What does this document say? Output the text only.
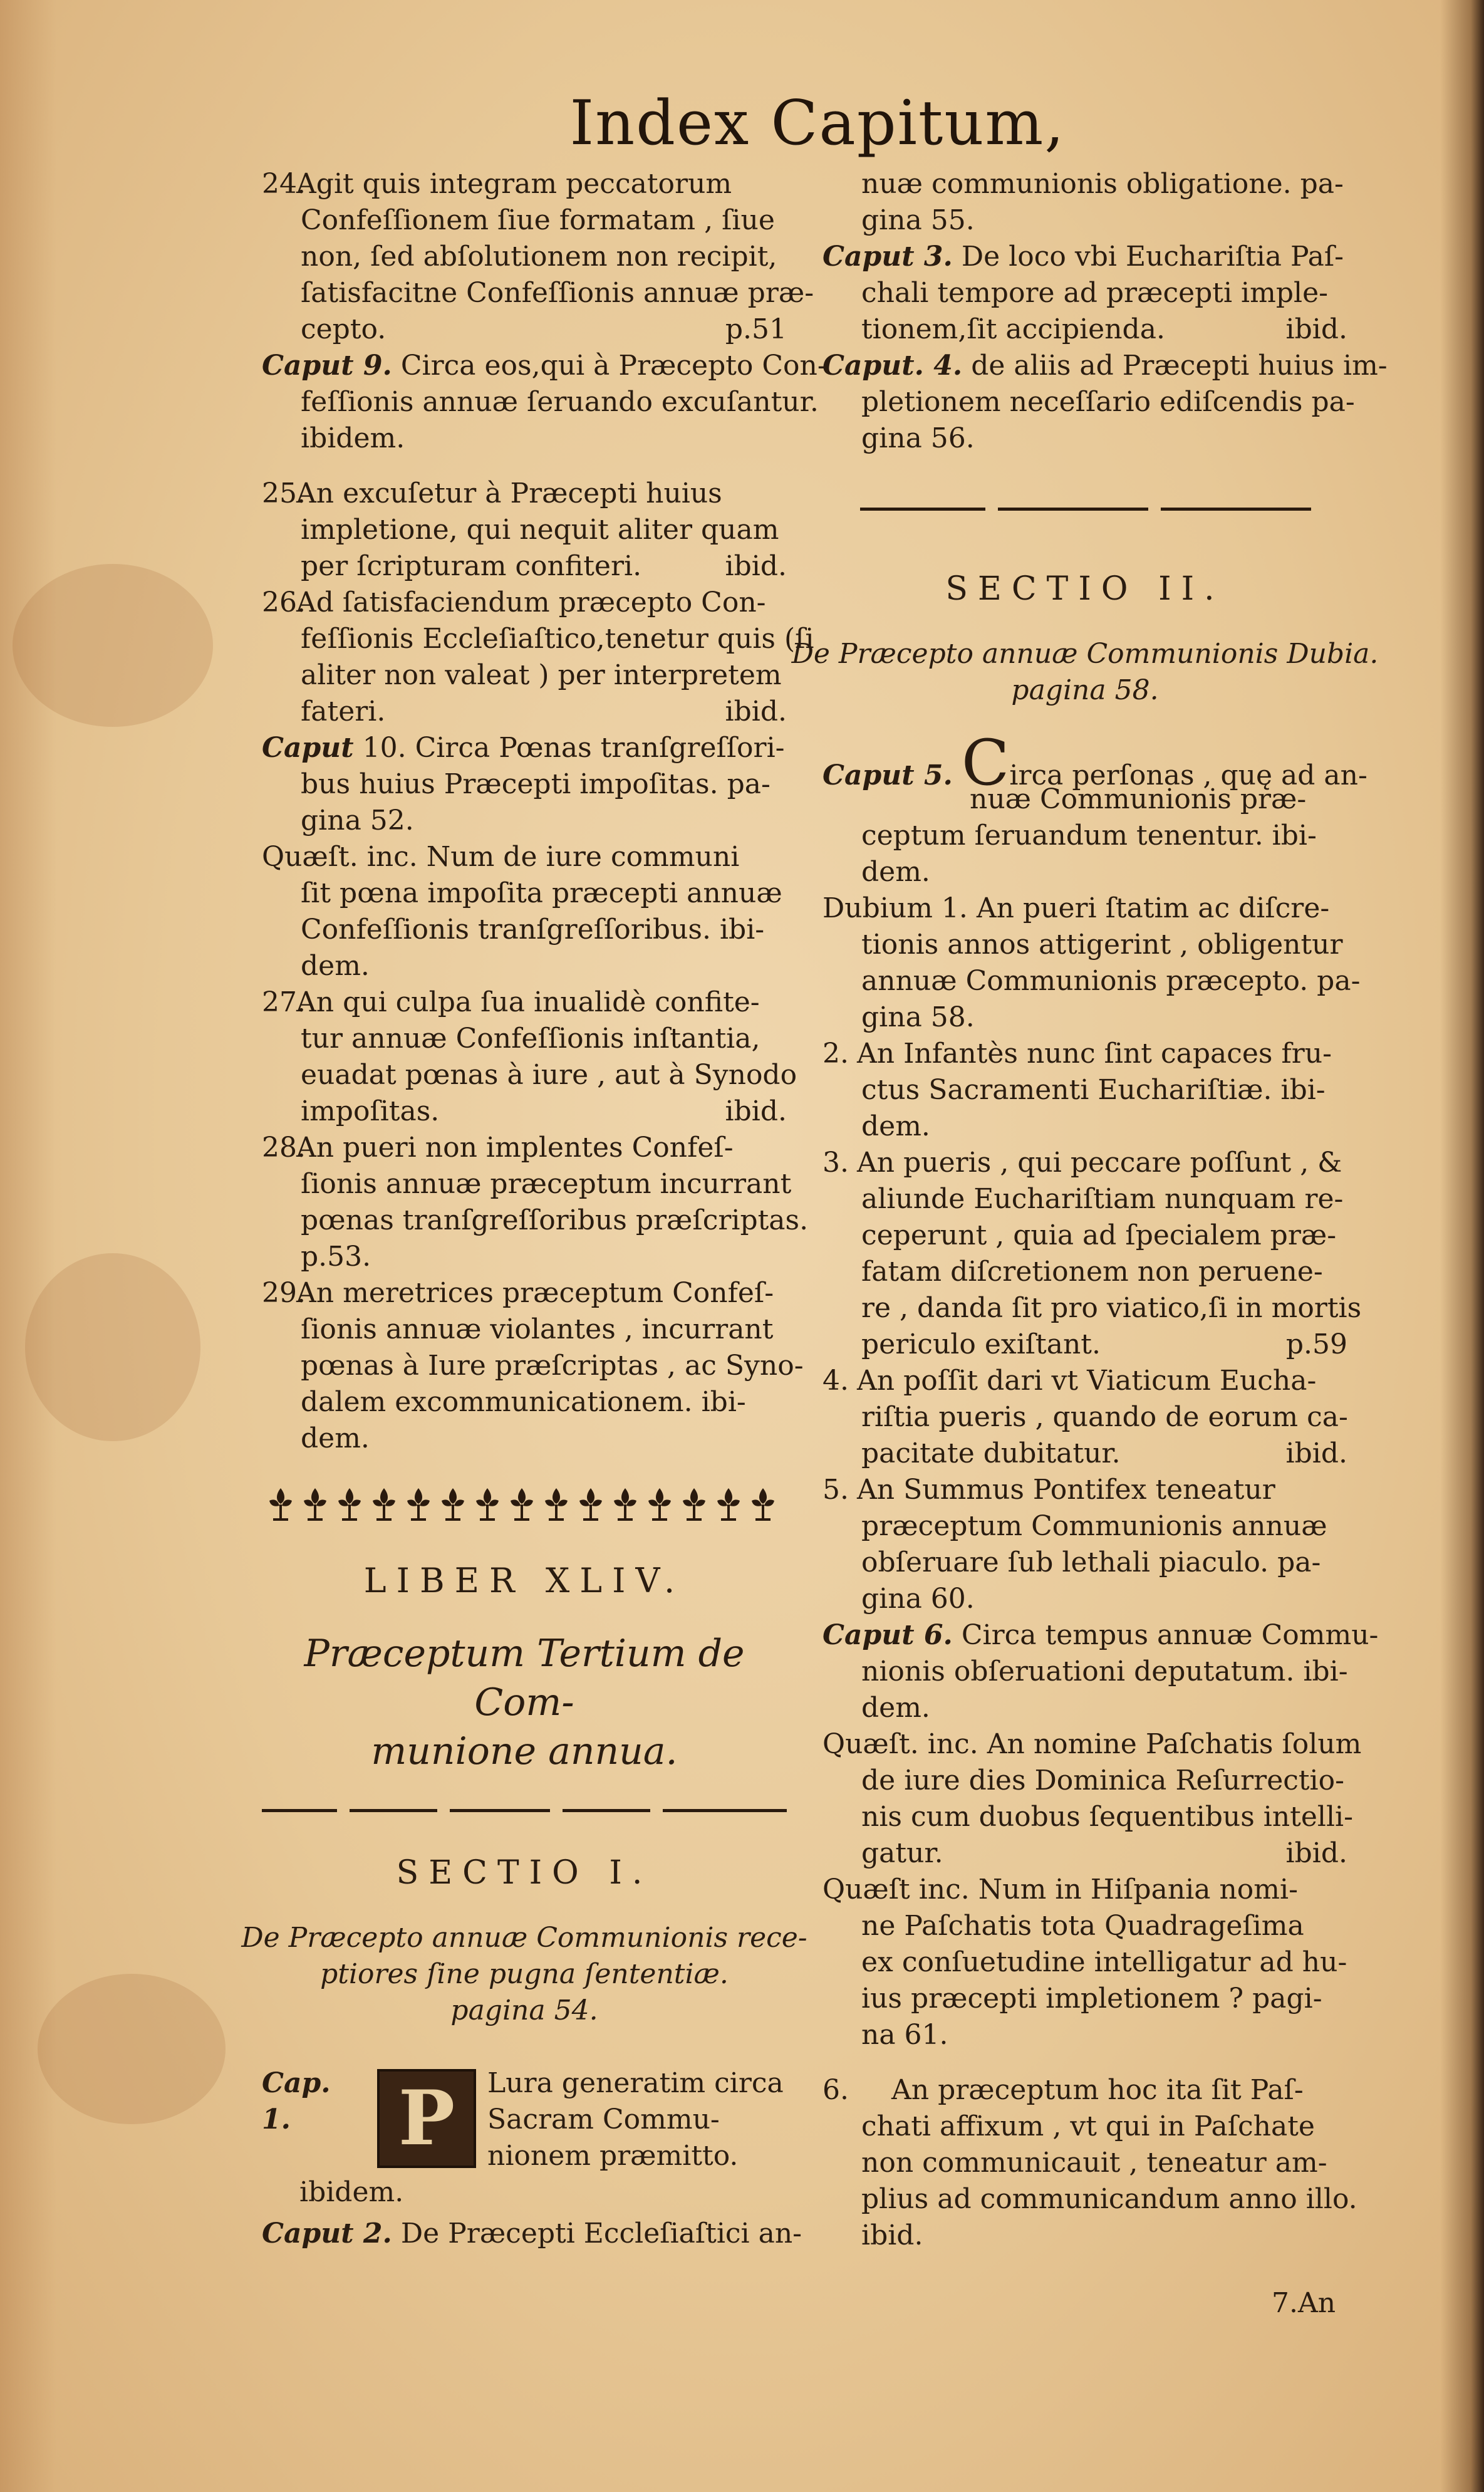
Index Capitum,
24.Agit quis integram peccatorum
Confeſſionem ſiue formatam , ſiue
non, ſed abſolutionem non recipit,
ſatisfacitne Confeſſionis annuæ præ-
cepto.	p.51
Caput 9. Circa eos,qui à Præcepto Con-
feſſionis annuæ ſeruando excuſantur.
ibidem.
25.
An excuſetur à Præcepti huius
impletione, qui nequit aliter quam
per ſcripturam confiteri.	ibid.
26.
Ad ſatisfaciendum præcepto Con-
feſſionis Eccleſiaſtico,tenetur quis (ſi
aliter non valeat ) per interpretem
fateri.	ibid.
Caput 10. Circa Pœnas tranſgreſſori-
bus huius Præcepti impoſitas. pa-
gina 52.
Quæſt. inc. Num de iure communi
ſit pœna impoſita præcepti annuæ
Confeſſionis tranſgreſſoribus. ibi-
dem.
27.
An qui culpa ſua inualidè confite-
tur annuæ Confeſſionis inſtantia,
euadat pœnas à iure , aut à Synodo
impoſitas.	ibid.
28.
An pueri non implentes Confeſ-
ſionis annuæ præceptum incurrant
pœnas tranſgreſſoribus præſcriptas.
p.53.
29.
An meretrices præceptum Confeſ-
ſionis annuæ violantes , incurrant
pœnas à Iure præſcriptas , ac Syno-
dalem excommunicationem. ibi-
dem.
LIBER XLIV.
Præceptum Tertium de Com-
munione annua.
SECTIO I.
De Præcepto annuæ Communionis rece-
ptiores ſine pugna ſententiæ.
pagina 54.
Cap. 1.	P	Lura generatim circa
Sacram Commu-
nionem præmitto.
ibidem.
Caput 2. De Præcepti Eccleſiaſtici an-
nuæ communionis obligatione. pa-
gina 55.
Caput 3. De loco vbi Euchariſtia Paſ-
chali tempore ad præcepti imple-
tionem,ſit accipienda.	ibid.
Caput. 4. de aliis ad Præcepti huius im-
pletionem neceſſario ediſcendis pa-
gina 56.
SECTIO II.
De Præcepto annuæ Communionis Dubia.
pagina 58.
Caput 5. C irca perſonas , quę ad an-
nuæ Communionis præ-
ceptum ſeruandum tenentur. ibi-
dem.
Dubium 1. An pueri ſtatim ac diſcre-
tionis annos attigerint , obligentur
annuæ Communionis præcepto. pa-
gina 58.
2. An Infantès nunc ſint capaces fru-
ctus Sacramenti Euchariſtiæ. ibi-
dem.
3. An pueris , qui peccare poſſunt , &
aliunde Euchariſtiam nunquam re-
ceperunt , quia ad ſpecialem præ-
fatam diſcretionem non peruene-
re , danda ſit pro viatico,ſi in mortis
periculo exiſtant.	p.59
4. An poſſit dari vt Viaticum Eucha-
riſtia pueris , quando de eorum ca-
pacitate dubitatur.	ibid.
5. An Summus Pontifex teneatur
præceptum Communionis annuæ
obſeruare ſub lethali piaculo. pa-
gina 60.
Caput 6. Circa tempus annuæ Commu-
nionis obſeruationi deputatum. ibi-
dem.
Quæſt. inc. An nomine Paſchatis ſolum
de iure dies Dominica Reſurrectio-
nis cum duobus ſequentibus intelli-
gatur.	ibid.
Quæſt inc. Num in Hiſpania nomi-
ne Paſchatis tota Quadrageſima
ex conſuetudine intelligatur ad hu-
ius præcepti impletionem ? pagi-
na 61.
6.	An præceptum hoc ita ſit Paſ-
chati affixum , vt qui in Paſchate
non communicauit , teneatur am-
plius ad communicandum anno illo.
ibid.
7.An
